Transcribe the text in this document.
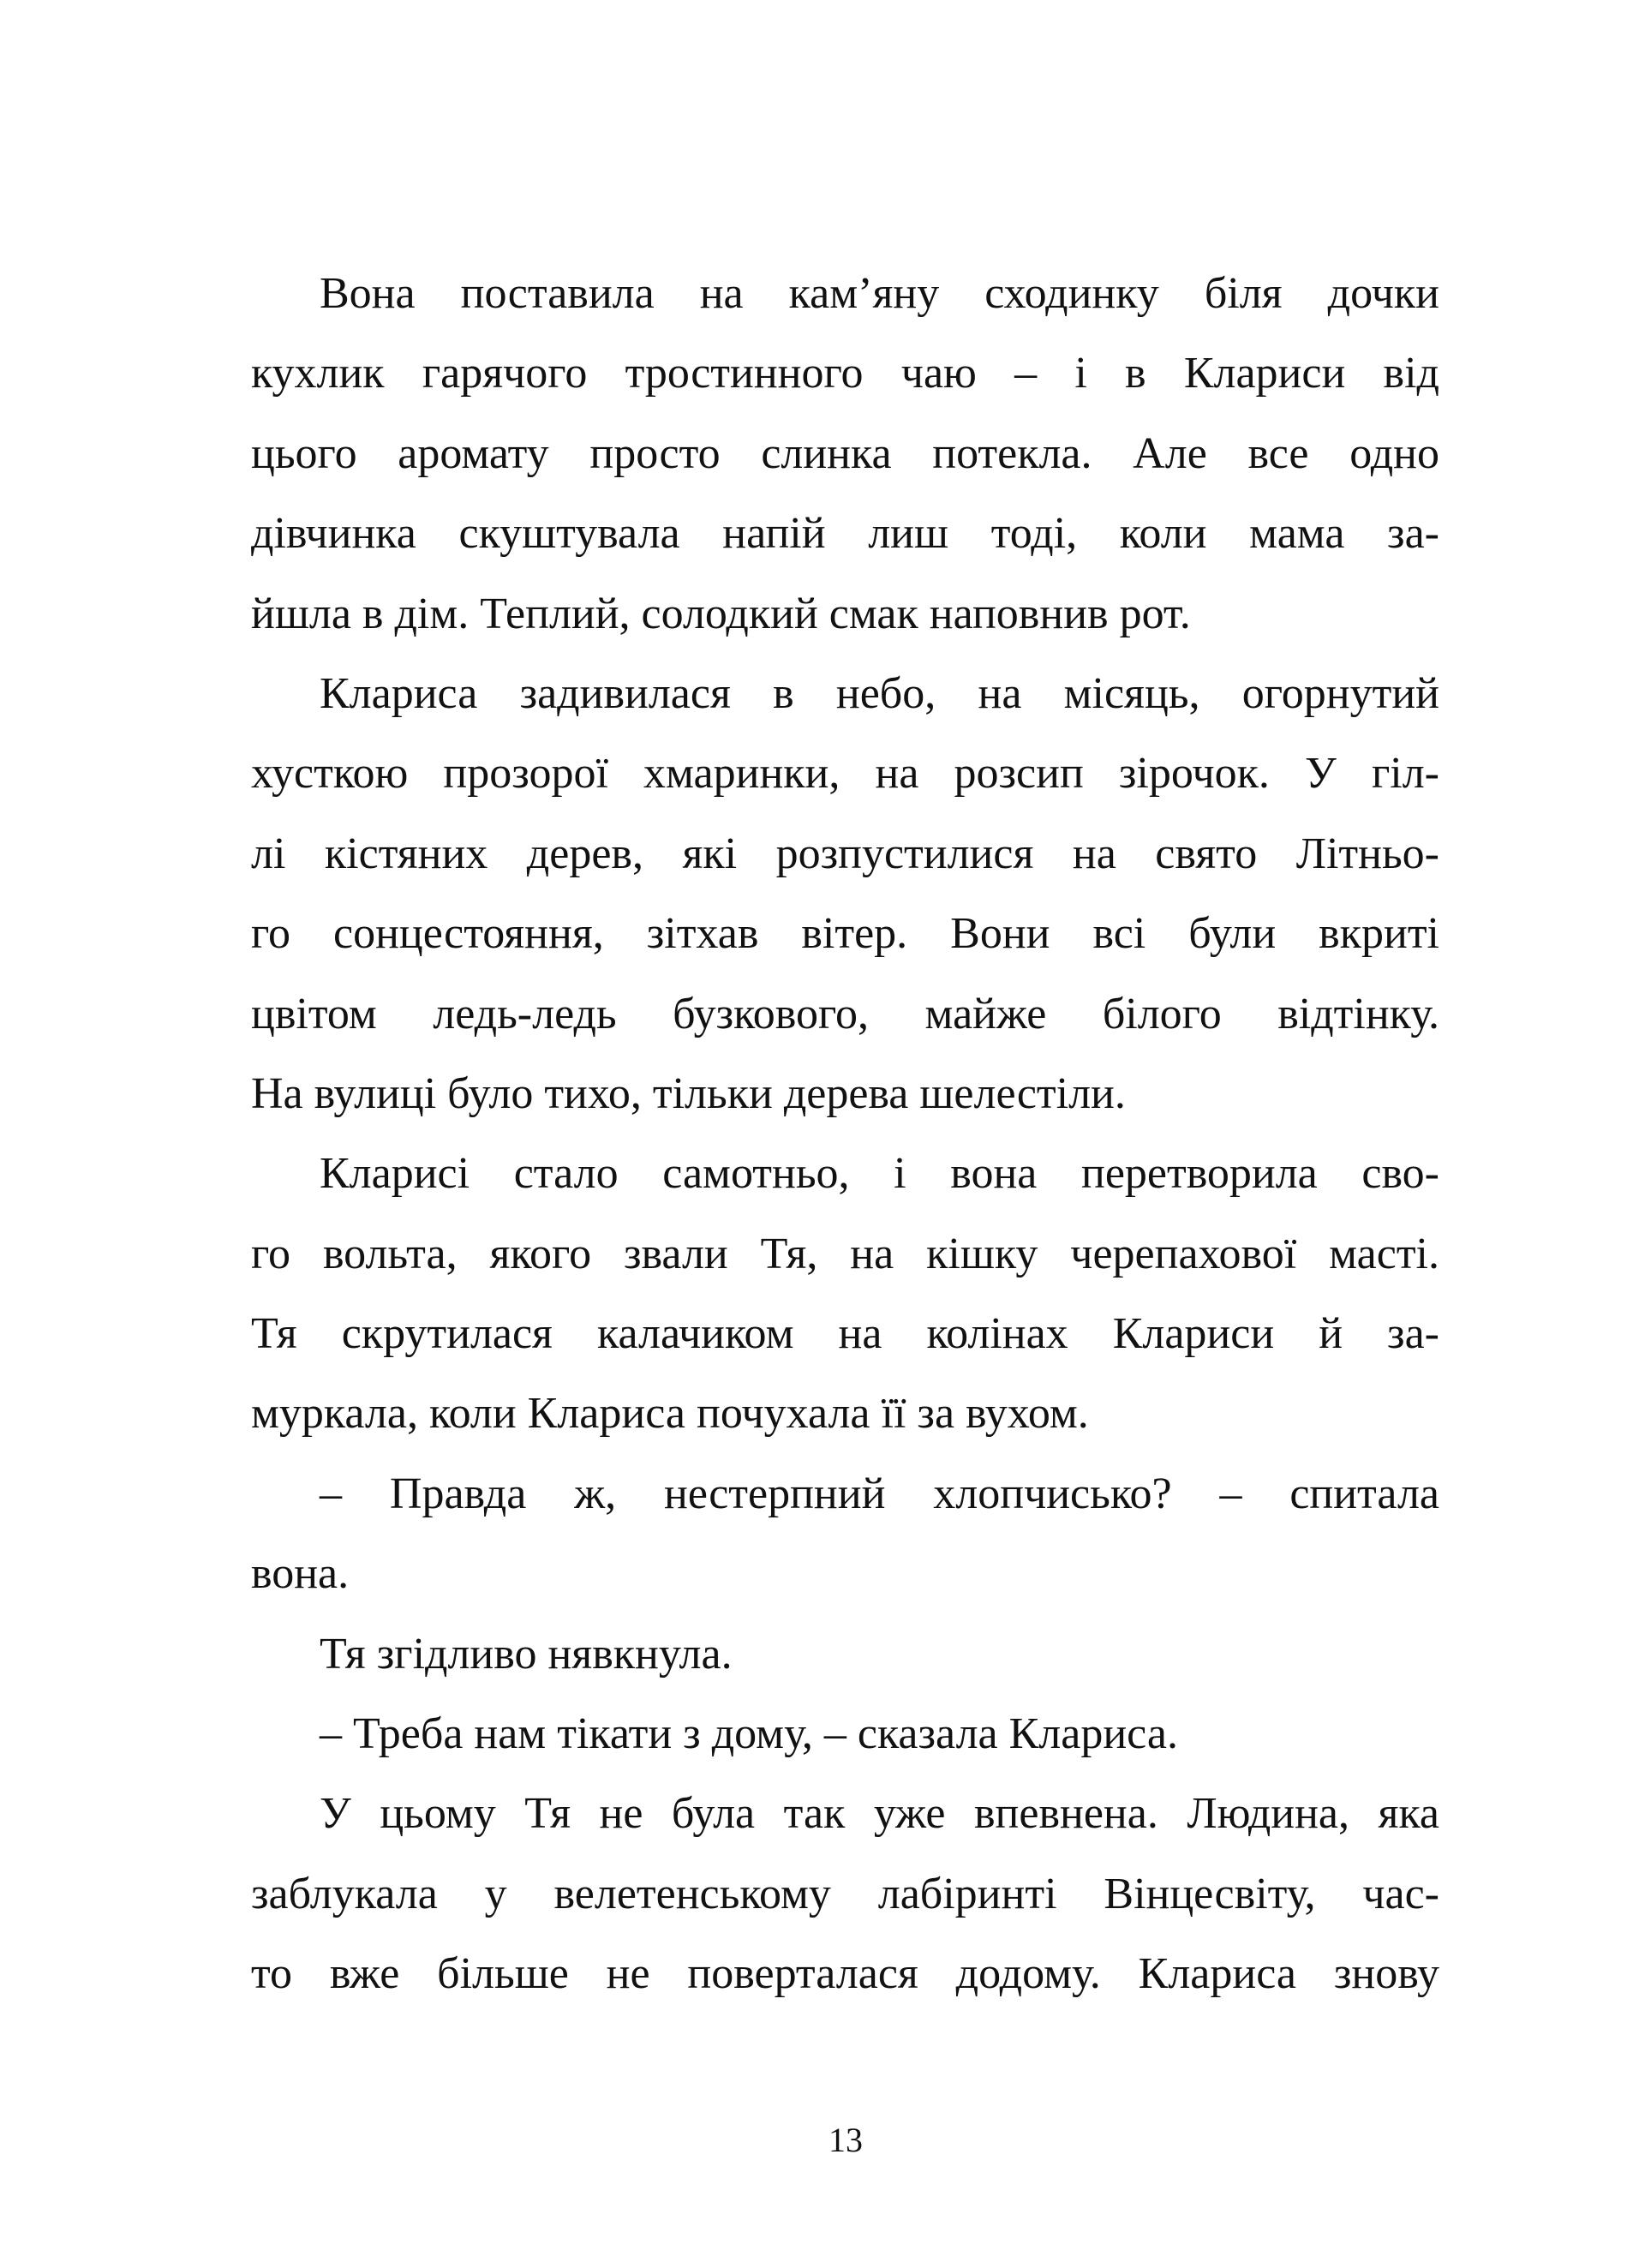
Вона поставила на кам’яну сходинку біля дочки
кухлик гарячого тростинного чаю – і в Клариси від
цього аромату просто слинка потекла. Але все одно
дівчинка скуштувала напій лиш тоді, коли мама за-
йшла в дім. Теплий, солодкий смак наповнив рот.
Клариса задивилася в небо, на місяць, огорнутий
хусткою прозорої хмаринки, на розсип зірочок. У гіл-
лі кістяних дерев, які розпустилися на свято Літньо-
го сонцестояння, зітхав вітер. Вони всі були вкриті
цвітом ледь-ледь бузкового, майже білого відтінку.
На вулиці було тихо, тільки дерева шелестіли.
Кларисі стало самотньо, і вона перетворила сво-
го вольта, якого звали Тя, на кішку черепахової масті.
Тя скрутилася калачиком на колінах Клариси й за-
муркала, коли Клариса почухала її за вухом.
– Правда ж, нестерпний хлопчисько? – спитала
вона.
Тя згідливо нявкнула.
– Треба нам тікати з дому, – сказала Клариса.
У цьому Тя не була так уже впевнена. Людина, яка
заблукала у велетенському лабіринті Вінцесвіту, час-
то вже більше не поверталася додому. Клариса знову
13
